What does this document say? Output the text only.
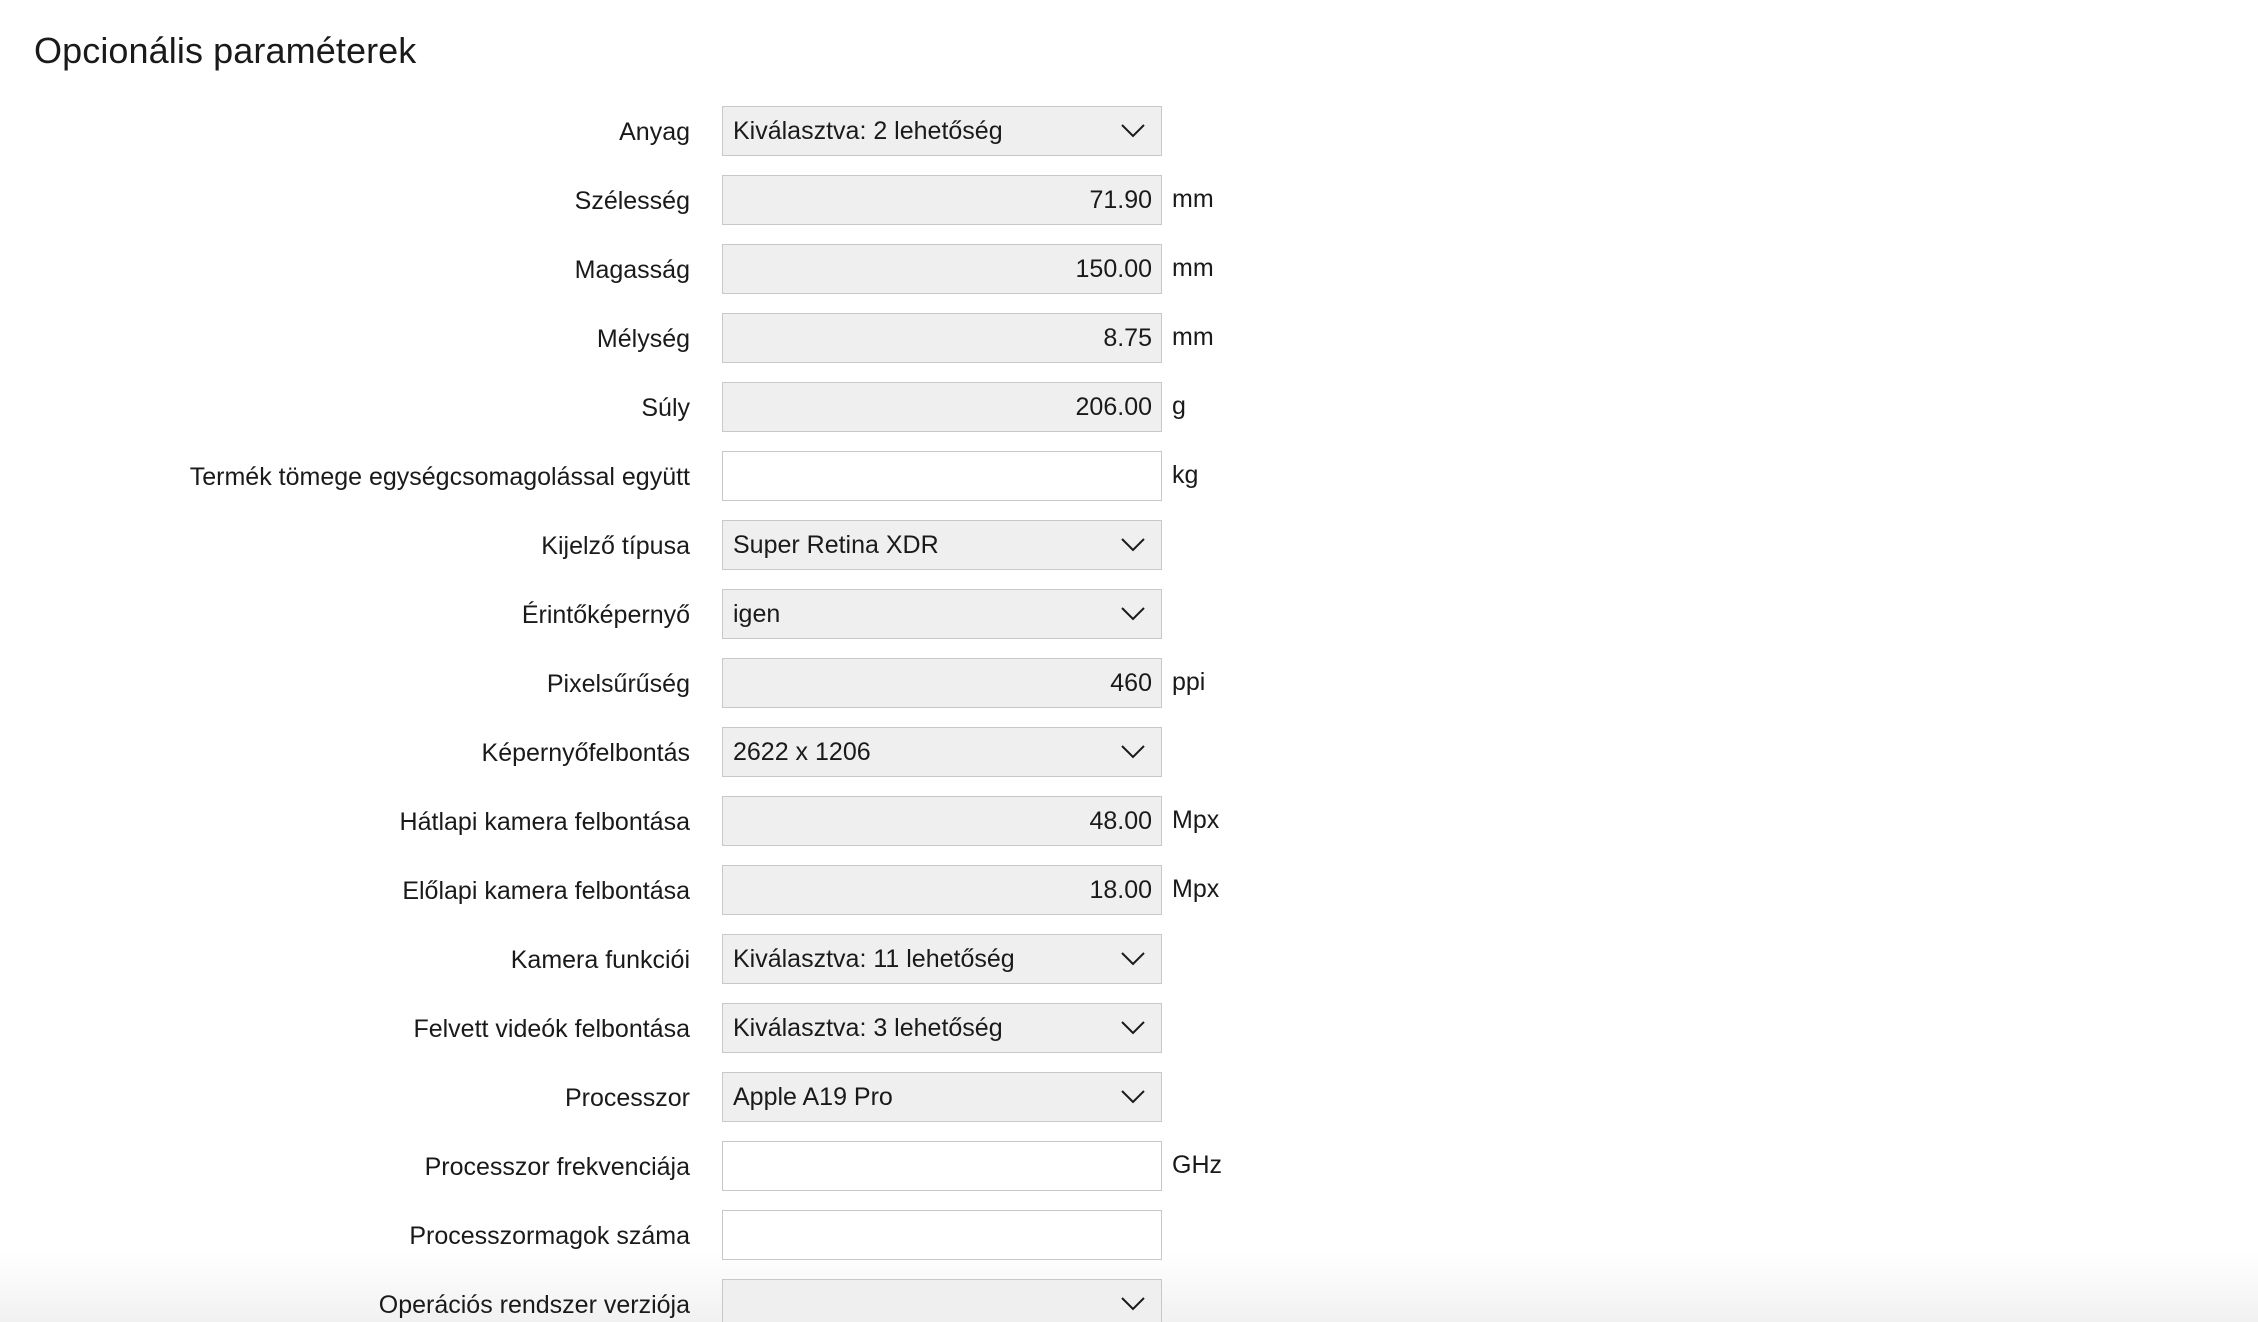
Opcionális paraméterek
Anyag	Kiválasztva: 2 lehetőség
Szélesség	71.90 mm
Magasság	150.00 mm
Mélység	8.75 mm
Súly	206.00 g
Termék tömege egységcsomagolással együtt	kg
Kijelző típusa	Super Retina XDR
Érintőképernyő	igen
Pixelsűrűség	460 ppi
Képernyőfelbontás	2622 x 1206
Hátlapi kamera felbontása	48.00 Mpx
Előlapi kamera felbontása	18.00 Mpx
Kamera funkciói	Kiválasztva: 11 lehetőség
Felvett videók felbontása	Kiválasztva: 3 lehetőség
Processzor	Apple A19 Pro
Processzor frekvenciája	GHz
Processzormagok száma
Operációs rendszer verziója
